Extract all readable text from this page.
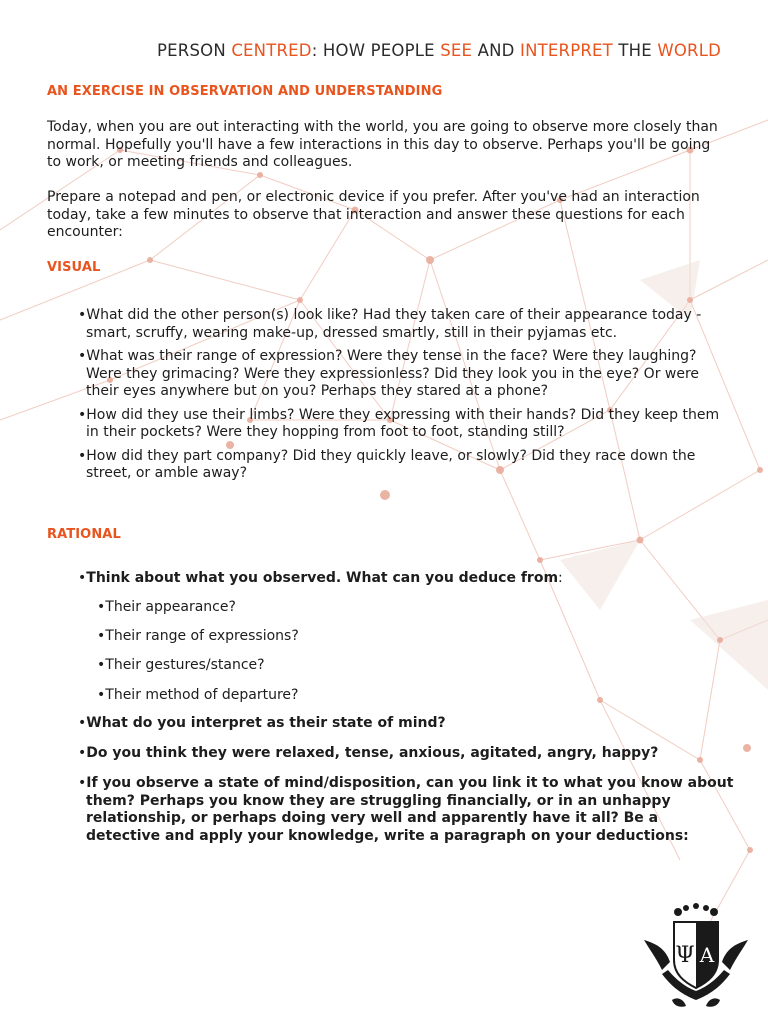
PERSON CENTRED: HOW PEOPLE SEE AND INTERPRET THE WORLD
AN EXERCISE IN OBSERVATION AND UNDERSTANDING
Today, when you are out interacting with the world, you are going to observe more closely than normal. Hopefully you'll have a few interactions in this day to observe. Perhaps you'll be going to work, or meeting friends and colleagues.
Prepare a notepad and pen, or electronic device if you prefer. After you've had an interaction today, take a few minutes to observe that interaction and answer these questions for each encounter:
VISUAL
•What did the other person(s) look like? Had they taken care of their appearance today - smart, scruffy, wearing make-up, dressed smartly, still in their pyjamas etc.
•What was their range of expression? Were they tense in the face? Were they laughing? Were they grimacing? Were they expressionless? Did they look you in the eye? Or were their eyes anywhere but on you? Perhaps they stared at a phone?
•How did they use their limbs? Were they expressing with their hands? Did they keep them in their pockets? Were they hopping from foot to foot, standing still?
•How did they part company? Did they quickly leave, or slowly? Did they race down the street, or amble away?
RATIONAL
•Think about what you observed. What can you deduce from:
•Their appearance?
•Their range of expressions?
•Their gestures/stance?
•Their method of departure?
•What do you interpret as their state of mind?
•Do you think they were relaxed, tense, anxious, agitated, angry, happy?
•If you observe a state of mind/disposition, can you link it to what you know about them? Perhaps you know they are struggling financially, or in an unhappy relationship, or perhaps doing very well and apparently have it all? Be a detective and apply your knowledge, write a paragraph on your deductions:
Ψ A
